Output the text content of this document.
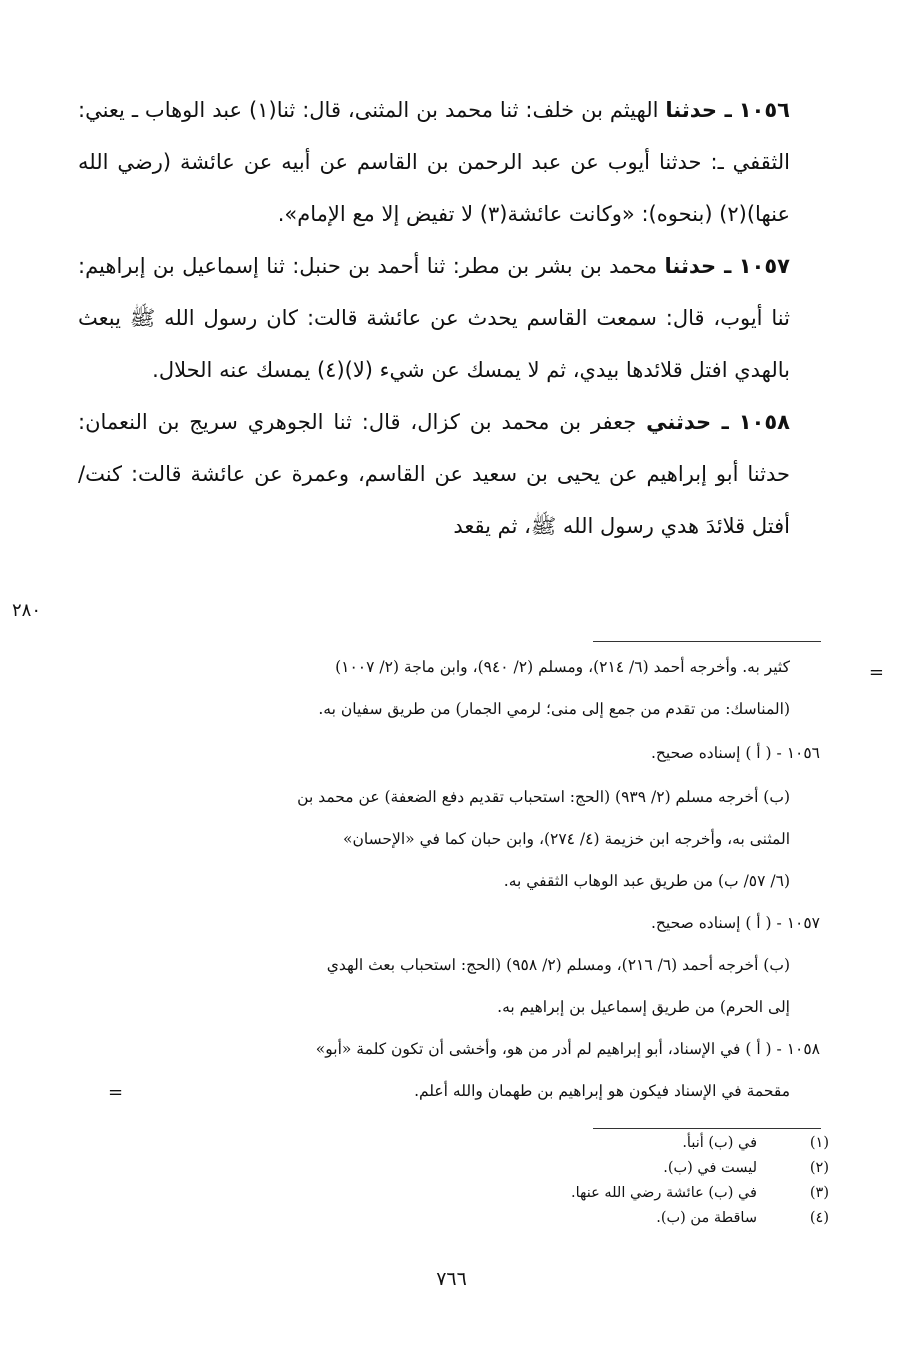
١٠٥٦ ـ حدثنا الهيثم بن خلف: ثنا محمد بن المثنى، قال: ثنا(١) عبد الوهاب ـ يعني: الثقفي ـ: حدثنا أيوب عن عبد الرحمن بن القاسم عن أبيه عن عائشة (رضي الله عنها)(٢) (بنحوه): «وكانت عائشة(٣) لا تفيض إلا مع الإمام».

١٠٥٧ ـ حدثنا محمد بن بشر بن مطر: ثنا أحمد بن حنبل: ثنا إسماعيل بن إبراهيم: ثنا أيوب، قال: سمعت القاسم يحدث عن عائشة قالت: كان رسول الله ﷺ يبعث بالهدي افتل قلائدها بيدي، ثم لا يمسك عن شيء (لا)(٤) يمسك عنه الحلال.

١٠٥٨ ـ حدثني جعفر بن محمد بن كزال، قال: ثنا الجوهري سريج بن النعمان: حدثنا أبو إبراهيم عن يحيى بن سعيد عن القاسم، وعمرة عن عائشة قالت: كنت/ أفتل قلائدَ هدي رسول الله ﷺ، ثم يقعد

٢٨٠
=
كثير به. وأخرجه أحمد (٦/ ٢١٤)، ومسلم (٢/ ٩٤٠)، وابن ماجة (٢/ ١٠٠٧)
(المناسك: من تقدم من جمع إلى منى؛ لرمي الجمار) من طريق سفيان به.
١٠٥٦ - ( أ ) إسناده صحيح.
(ب) أخرجه مسلم (٢/ ٩٣٩) (الحج: استحباب تقديم دفع الضعفة) عن محمد بن
المثنى به، وأخرجه ابن خزيمة (٤/ ٢٧٤)، وابن حبان كما في «الإحسان»
(٦/ ٥٧/ ب) من طريق عبد الوهاب الثقفي به.
١٠٥٧ - ( أ ) إسناده صحيح.
(ب) أخرجه أحمد (٦/ ٢١٦)، ومسلم (٢/ ٩٥٨) (الحج: استحباب بعث الهدي
إلى الحرم) من طريق إسماعيل بن إبراهيم به.
١٠٥٨ - ( أ ) في الإسناد، أبو إبراهيم لم أدر من هو، وأخشى أن تكون كلمة «أبو»
مقحمة في الإسناد فيكون هو إبراهيم بن طهمان والله أعلم.
=
(١)
في (ب) أنبأ.
(٢)
ليست في (ب).
(٣)
في (ب) عائشة رضي الله عنها.
(٤)
ساقطة من (ب).
٧٦٦
